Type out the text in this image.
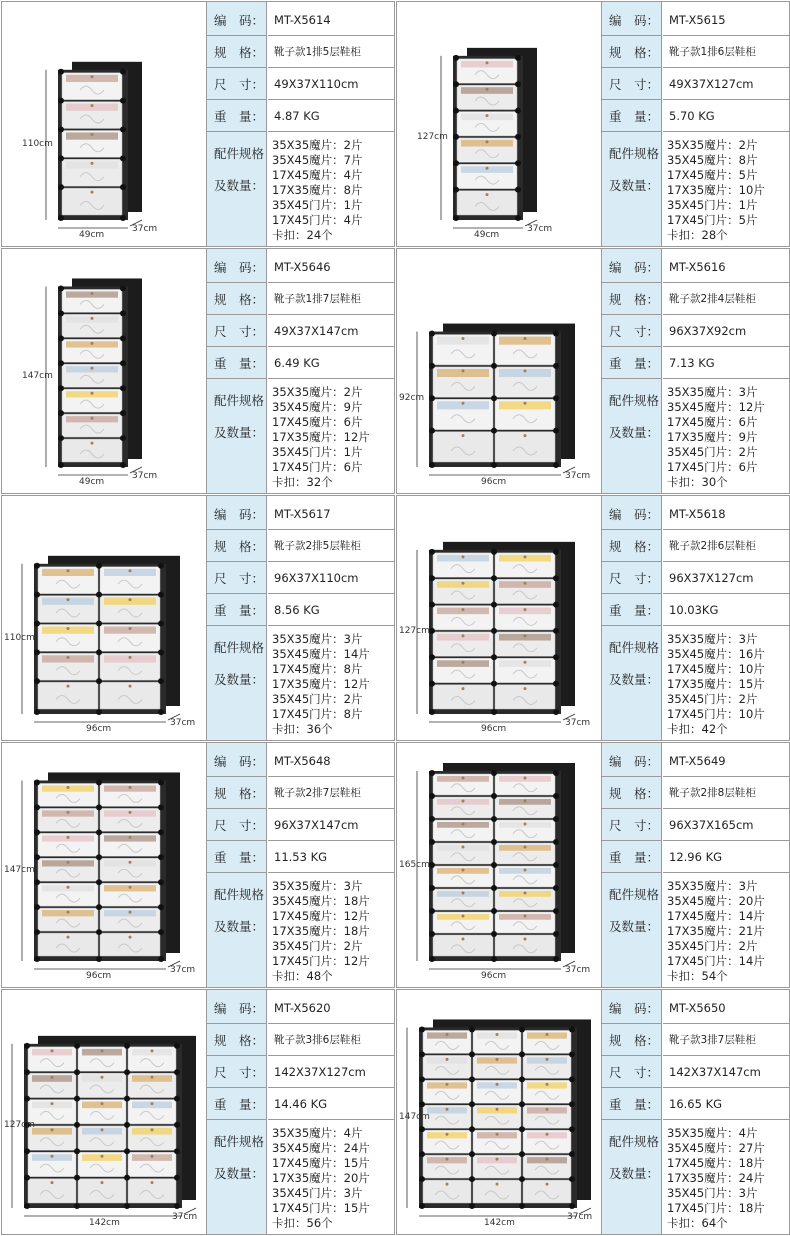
110cm
49cm
37cm
编　码：
规　格：
尺　寸：
重　量：
配件规格
及数量：
MT-X5614
靴子款1排5层鞋柜
49X37X110cm
4.87 KG
35X35魔片：2片
35X45魔片：7片
17X45魔片：4片
17X35魔片：8片
35X45门片：1片
17X45门片：4片
卡扣：24个
127cm
49cm
37cm
编　码：
规　格：
尺　寸：
重　量：
配件规格
及数量：
MT-X5615
靴子款1排6层鞋柜
49X37X127cm
5.70 KG
35X35魔片：2片
35X45魔片：8片
17X45魔片：5片
17X35魔片：10片
35X45门片：1片
17X45门片：5片
卡扣：28个
147cm
49cm
37cm
编　码：
规　格：
尺　寸：
重　量：
配件规格
及数量：
MT-X5646
靴子款1排7层鞋柜
49X37X147cm
6.49 KG
35X35魔片：2片
35X45魔片：9片
17X45魔片：6片
17X35魔片：12片
35X45门片：1片
17X45门片：6片
卡扣：32个
92cm
96cm
37cm
编　码：
规　格：
尺　寸：
重　量：
配件规格
及数量：
MT-X5616
靴子款2排4层鞋柜
96X37X92cm
7.13 KG
35X35魔片：3片
35X45魔片：12片
17X45魔片：6片
17X35魔片：9片
35X45门片：2片
17X45门片：6片
卡扣：30个
110cm
96cm
37cm
编　码：
规　格：
尺　寸：
重　量：
配件规格
及数量：
MT-X5617
靴子款2排5层鞋柜
96X37X110cm
8.56 KG
35X35魔片：3片
35X45魔片：14片
17X45魔片：8片
17X35魔片：12片
35X45门片：2片
17X45门片：8片
卡扣：36个
127cm
96cm
37cm
编　码：
规　格：
尺　寸：
重　量：
配件规格
及数量：
MT-X5618
靴子款2排6层鞋柜
96X37X127cm
10.03KG
35X35魔片：3片
35X45魔片：16片
17X45魔片：10片
17X35魔片：15片
35X45门片：2片
17X45门片：10片
卡扣：42个
147cm
96cm
37cm
编　码：
规　格：
尺　寸：
重　量：
配件规格
及数量：
MT-X5648
靴子款2排7层鞋柜
96X37X147cm
11.53 KG
35X35魔片：3片
35X45魔片：18片
17X45魔片：12片
17X35魔片：18片
35X45门片：2片
17X45门片：12片
卡扣：48个
165cm
96cm
37cm
编　码：
规　格：
尺　寸：
重　量：
配件规格
及数量：
MT-X5649
靴子款2排8层鞋柜
96X37X165cm
12.96 KG
35X35魔片：3片
35X45魔片：20片
17X45魔片：14片
17X35魔片：21片
35X45门片：2片
17X45门片：14片
卡扣：54个
127cm
142cm
37cm
编　码：
规　格：
尺　寸：
重　量：
配件规格
及数量：
MT-X5620
靴子款3排6层鞋柜
142X37X127cm
14.46 KG
35X35魔片：4片
35X45魔片：24片
17X45魔片：15片
17X35魔片：20片
35X45门片：3片
17X45门片：15片
卡扣：56个
147cm
142cm
37cm
编　码：
规　格：
尺　寸：
重　量：
配件规格
及数量：
MT-X5650
靴子款3排7层鞋柜
142X37X147cm
16.65 KG
35X35魔片：4片
35X45魔片：27片
17X45魔片：18片
17X35魔片：24片
35X45门片：3片
17X45门片：18片
卡扣：64个
